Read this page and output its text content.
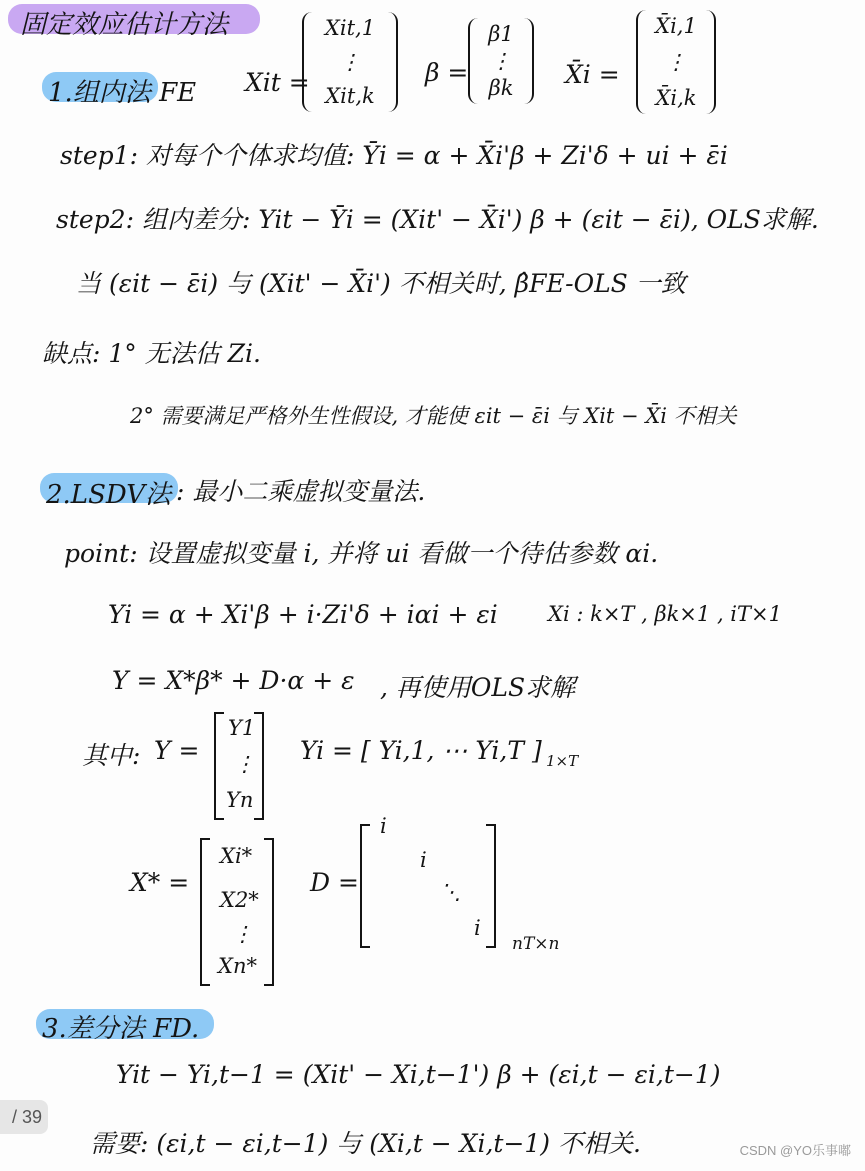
固定效应估计方法
1.组内法 FE Xit =
Xit,1
⋮
Xit,k
β =
β1
⋮
βk X̄i =
X̄i,1
⋮
X̄i,k
step1: 对每个个体求均值: Ȳi = α + X̄i'β + Zi'δ + ui + ε̄i
step2: 组内差分: Yit − Ȳi = (Xit' − X̄i') β + (εit − ε̄i), OLS求解.
当 (εit − ε̄i) 与 (Xit' − X̄i') 不相关时, β̂FE-OLS 一致
缺点: 1° 无法估 Zi.
2° 需要满足严格外生性假设, 才能使 εit − ε̄i 与 Xit − X̄i 不相关
2.LSDV法 : 最小二乘虚拟变量法.
point: 设置虚拟变量 i, 并将 ui 看做一个待估参数 αi.
Yi = α + Xi'β + i·Zi'δ + iαi + εi Xi : k×T , βk×1 , iT×1
Y = X*β* + D·α + ε , 再使用OLS求解
其中: Y =
Y1
⋮
Yn
Yi = [ Yi,1, ⋯ Yi,T ] 1×T
X* =
Xi*
X2*
⋮
Xn*
D =
i
i
⋱
i
nT×n
3.差分法 FD.
Yit − Yi,t−1 = (Xit' − Xi,t−1') β + (εi,t − εi,t−1)
需要: (εi,t − εi,t−1) 与 (Xi,t − Xi,t−1) 不相关.
/ 39
CSDN @YO乐事嘟
